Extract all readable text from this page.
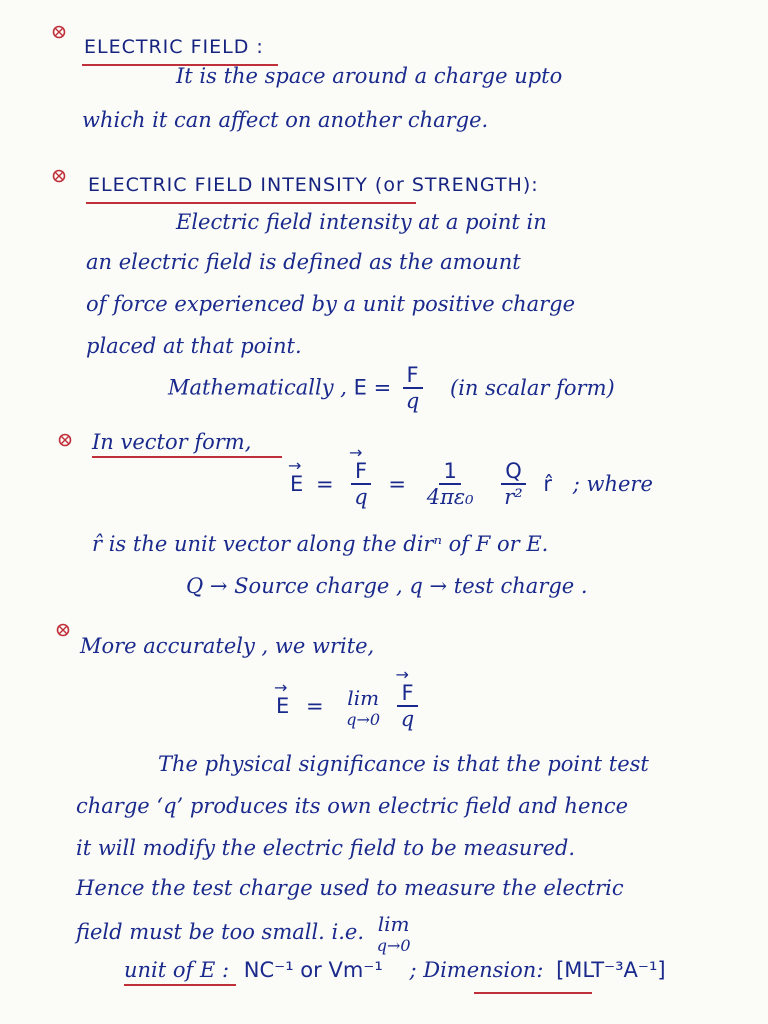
ELECTRIC FIELD :
It is the space around a charge upto
which it can affect on another charge.
ELECTRIC FIELD INTENSITY (or STRENGTH):
Electric field intensity at a point in
an electric field is defined as the amount
of force experienced by a unit positive charge
placed at that point.
Mathematically , $E = \frac{F}{q} (in$ scalar form)
In vector form,
→ E = → $\frac{F}{q} = \frac{1}{\text{4πε₀}}$
$\frac{Q}{\text{r²}}$ r̂ ; where
r̂ is the unit vector along the dirⁿ of F or E.
Q → Source charge , q → test charge .
More accurately , we write,
→ E = lim
q→0
→ $\frac{F}{q}$
The physical significance is that the point test
charge ‘q’ produces its own electric field and hence
it will modify the electric field to be measured.
Hence the test charge used to measure the electric
field must be too small. i.e. lim
q→0
unit of E : NC⁻¹ or Vm⁻¹ ; Dimension: [MLT⁻³A⁻¹]
